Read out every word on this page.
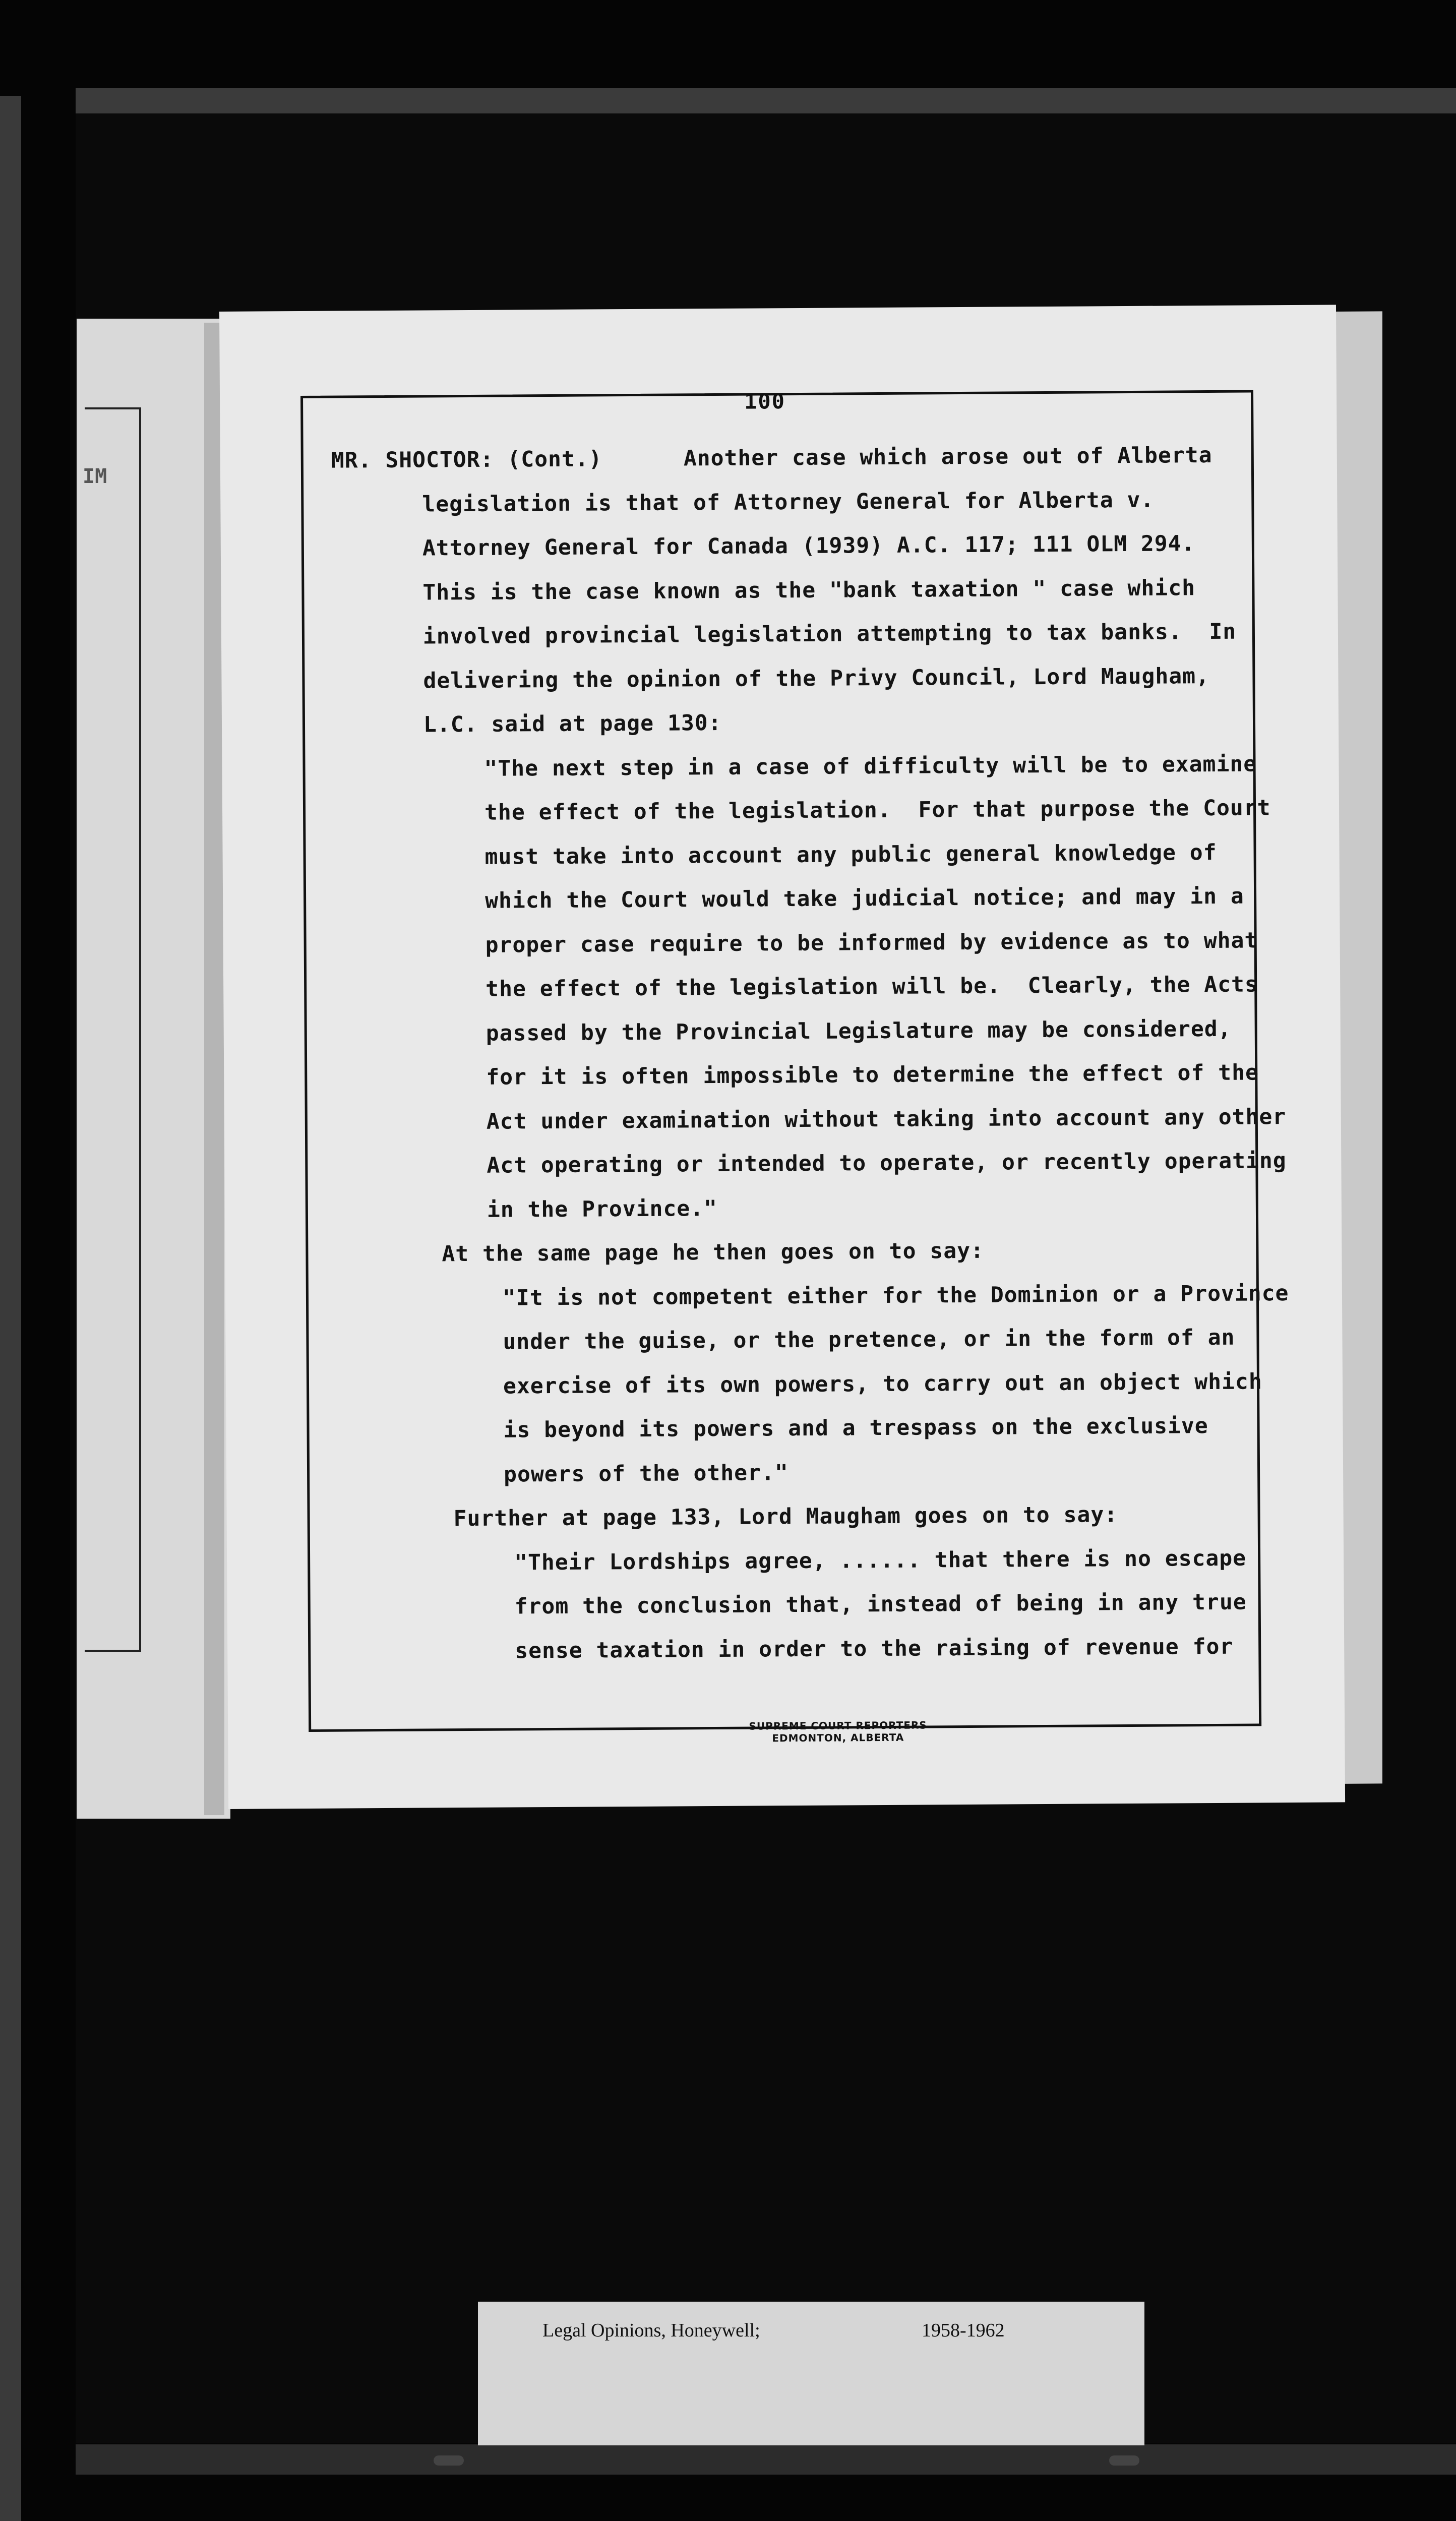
IM
100
MR. SHOCTOR: (Cont.)      Another case which arose out of Alberta
legislation is that of Attorney General for Alberta v.
Attorney General for Canada (1939) A.C. 117; 111 OLM 294.
This is the case known as the "bank taxation " case which
involved provincial legislation attempting to tax banks.  In
delivering the opinion of the Privy Council, Lord Maugham,
L.C. said at page 130:
"The next step in a case of difficulty will be to examine
the effect of the legislation.  For that purpose the Court
must take into account any public general knowledge of
which the Court would take judicial notice; and may in a
proper case require to be informed by evidence as to what
the effect of the legislation will be.  Clearly, the Acts
passed by the Provincial Legislature may be considered,
for it is often impossible to determine the effect of the
Act under examination without taking into account any other
Act operating or intended to operate, or recently operating
in the Province."
At the same page he then goes on to say:
"It is not competent either for the Dominion or a Province
under the guise, or the pretence, or in the form of an
exercise of its own powers, to carry out an object which
is beyond its powers and a trespass on the exclusive
powers of the other."
Further at page 133, Lord Maugham goes on to say:
"Their Lordships agree, ...... that there is no escape
from the conclusion that, instead of being in any true
sense taxation in order to the raising of revenue for
SUPREME COURT REPORTERS
EDMONTON, ALBERTA
Legal Opinions, Honeywell;	1958-1962
